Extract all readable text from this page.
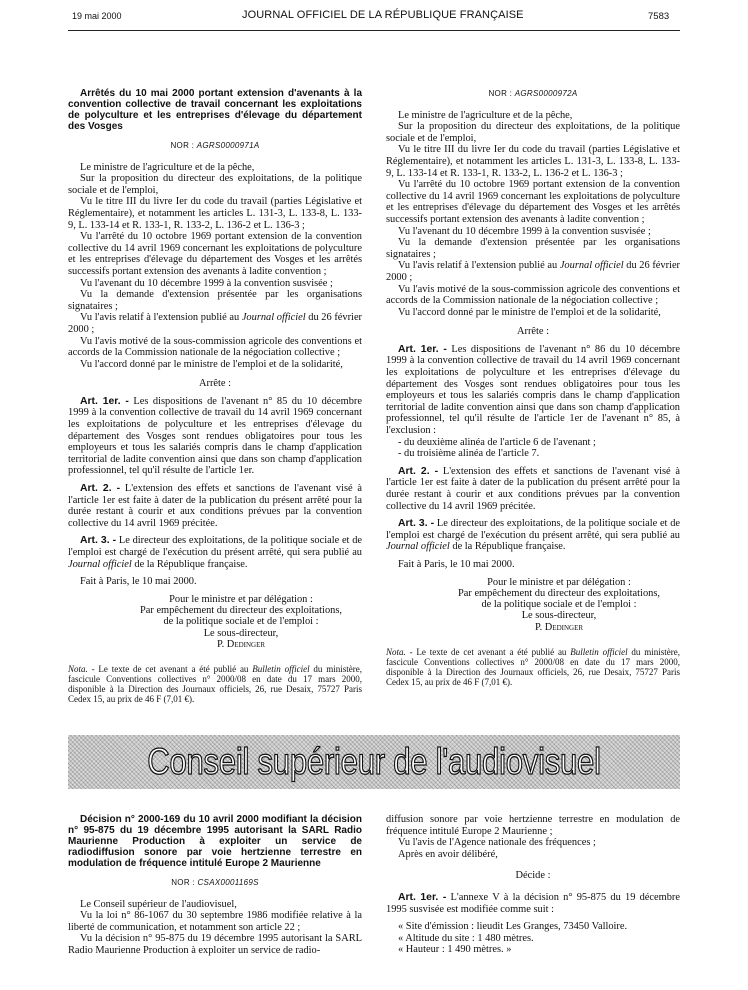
19 mai 2000	JOURNAL OFFICIEL DE LA RÉPUBLIQUE FRANÇAISE	7583

Arrêtés du 10 mai 2000 portant extension d'avenants à la convention collective de travail concernant les exploitations de polyculture et les entreprises d'élevage du département des Vosges

NOR : AGRS0000971A

Le ministre de l'agriculture et de la pêche,

Sur la proposition du directeur des exploitations, de la politique sociale et de l'emploi,

Vu le titre III du livre Ier du code du travail (parties Législative et Réglementaire), et notamment les articles L. 131-3, L. 133-8, L. 133-9, L. 133-14 et R. 133-1, R. 133-2, L. 136-2 et L. 136-3 ;

Vu l'arrêté du 10 octobre 1969 portant extension de la convention collective du 14 avril 1969 concernant les exploitations de polyculture et les entreprises d'élevage du département des Vosges et les arrêtés successifs portant extension des avenants à ladite convention ;

Vu l'avenant du 10 décembre 1999 à la convention susvisée ;

Vu la demande d'extension présentée par les organisations signataires ;

Vu l'avis relatif à l'extension publié au Journal officiel du 26 février 2000 ;

Vu l'avis motivé de la sous-commission agricole des conventions et accords de la Commission nationale de la négociation collective ;

Vu l'accord donné par le ministre de l'emploi et de la solidarité,

Arrête :

Art. 1er. - Les dispositions de l'avenant n° 85 du 10 décembre 1999 à la convention collective de travail du 14 avril 1969 concernant les exploitations de polyculture et les entreprises d'élevage du département des Vosges sont rendues obligatoires pour tous les employeurs et tous les salariés compris dans le champ d'application territorial de ladite convention ainsi que dans son champ d'application professionnel, tel qu'il résulte de l'article 1er.

Art. 2. - L'extension des effets et sanctions de l'avenant visé à l'article 1er est faite à dater de la publication du présent arrêté pour la durée restant à courir et aux conditions prévues par la convention collective du 14 avril 1969 précitée.

Art. 3. - Le directeur des exploitations, de la politique sociale et de l'emploi est chargé de l'exécution du présent arrêté, qui sera publié au Journal officiel de la République française.

Fait à Paris, le 10 mai 2000.

Pour le ministre et par délégation :

Par empêchement du directeur des exploitations,

de la politique sociale et de l'emploi :

Le sous-directeur,

P. Dedinger

Nota. - Le texte de cet avenant a été publié au Bulletin officiel du ministère, fascicule Conventions collectives n° 2000/08 en date du 17 mars 2000, disponible à la Direction des Journaux officiels, 26, rue Desaix, 75727 Paris Cedex 15, au prix de 46 F (7,01 €).
NOR : AGRS0000972A

Le ministre de l'agriculture et de la pêche,

Sur la proposition du directeur des exploitations, de la politique sociale et de l'emploi,

Vu le titre III du livre Ier du code du travail (parties Législative et Réglementaire), et notamment les articles L. 131-3, L. 133-8, L. 133-9, L. 133-14 et R. 133-1, R. 133-2, L. 136-2 et L. 136-3 ;

Vu l'arrêté du 10 octobre 1969 portant extension de la convention collective du 14 avril 1969 concernant les exploitations de polyculture et les entreprises d'élevage du département des Vosges et les arrêtés successifs portant extension des avenants à ladite convention ;

Vu l'avenant du 10 décembre 1999 à la convention susvisée ;

Vu la demande d'extension présentée par les organisations signataires ;

Vu l'avis relatif à l'extension publié au Journal officiel du 26 février 2000 ;

Vu l'avis motivé de la sous-commission agricole des conventions et accords de la Commission nationale de la négociation collective ;

Vu l'accord donné par le ministre de l'emploi et de la solidarité,

Arrête :

Art. 1er. - Les dispositions de l'avenant n° 86 du 10 décembre 1999 à la convention collective de travail du 14 avril 1969 concernant les exploitations de polyculture et les entreprises d'élevage du département des Vosges sont rendues obligatoires pour tous les employeurs et tous les salariés compris dans le champ d'application territorial de ladite convention ainsi que dans son champ d'application professionnel, tel qu'il résulte de l'article 1er de l'avenant n° 85, à l'exclusion :

- du deuxième alinéa de l'article 6 de l'avenant ;

- du troisième alinéa de l'article 7.

Art. 2. - L'extension des effets et sanctions de l'avenant visé à l'article 1er est faite à dater de la publication du présent arrêté pour la durée restant à courir et aux conditions prévues par la convention collective du 14 avril 1969 précitée.

Art. 3. - Le directeur des exploitations, de la politique sociale et de l'emploi est chargé de l'exécution du présent arrêté, qui sera publié au Journal officiel de la République française.

Fait à Paris, le 10 mai 2000.

Pour le ministre et par délégation :

Par empêchement du directeur des exploitations,

de la politique sociale et de l'emploi :

Le sous-directeur,

P. Dedinger

Nota. - Le texte de cet avenant a été publié au Bulletin officiel du ministère, fascicule Conventions collectives n° 2000/08 en date du 17 mars 2000, disponible à la Direction des Journaux officiels, 26, rue Desaix, 75727 Paris Cedex 15, au prix de 46 F (7,01 €).
Conseil supérieur de l'audiovisuel

Décision n° 2000-169 du 10 avril 2000 modifiant la décision n° 95-875 du 19 décembre 1995 autorisant la SARL Radio Maurienne Production à exploiter un service de radiodiffusion sonore par voie hertzienne terrestre en modulation de fréquence intitulé Europe 2 Maurienne

NOR : CSAX0001169S

Le Conseil supérieur de l'audiovisuel,

Vu la loi n° 86-1067 du 30 septembre 1986 modifiée relative à la liberté de communication, et notamment son article 22 ;

Vu la décision n° 95-875 du 19 décembre 1995 autorisant la SARL Radio Maurienne Production à exploiter un service de radio-

diffusion sonore par voie hertzienne terrestre en modulation de fréquence intitulé Europe 2 Maurienne ;

Vu l'avis de l'Agence nationale des fréquences ;

Après en avoir délibéré,

Décide :

Art. 1er. - L'annexe V à la décision n° 95-875 du 19 décembre 1995 susvisée est modifiée comme suit :

« Site d'émission : lieudit Les Granges, 73450 Valloire.

« Altitude du site : 1 480 mètres.

« Hauteur : 1 490 mètres. »
